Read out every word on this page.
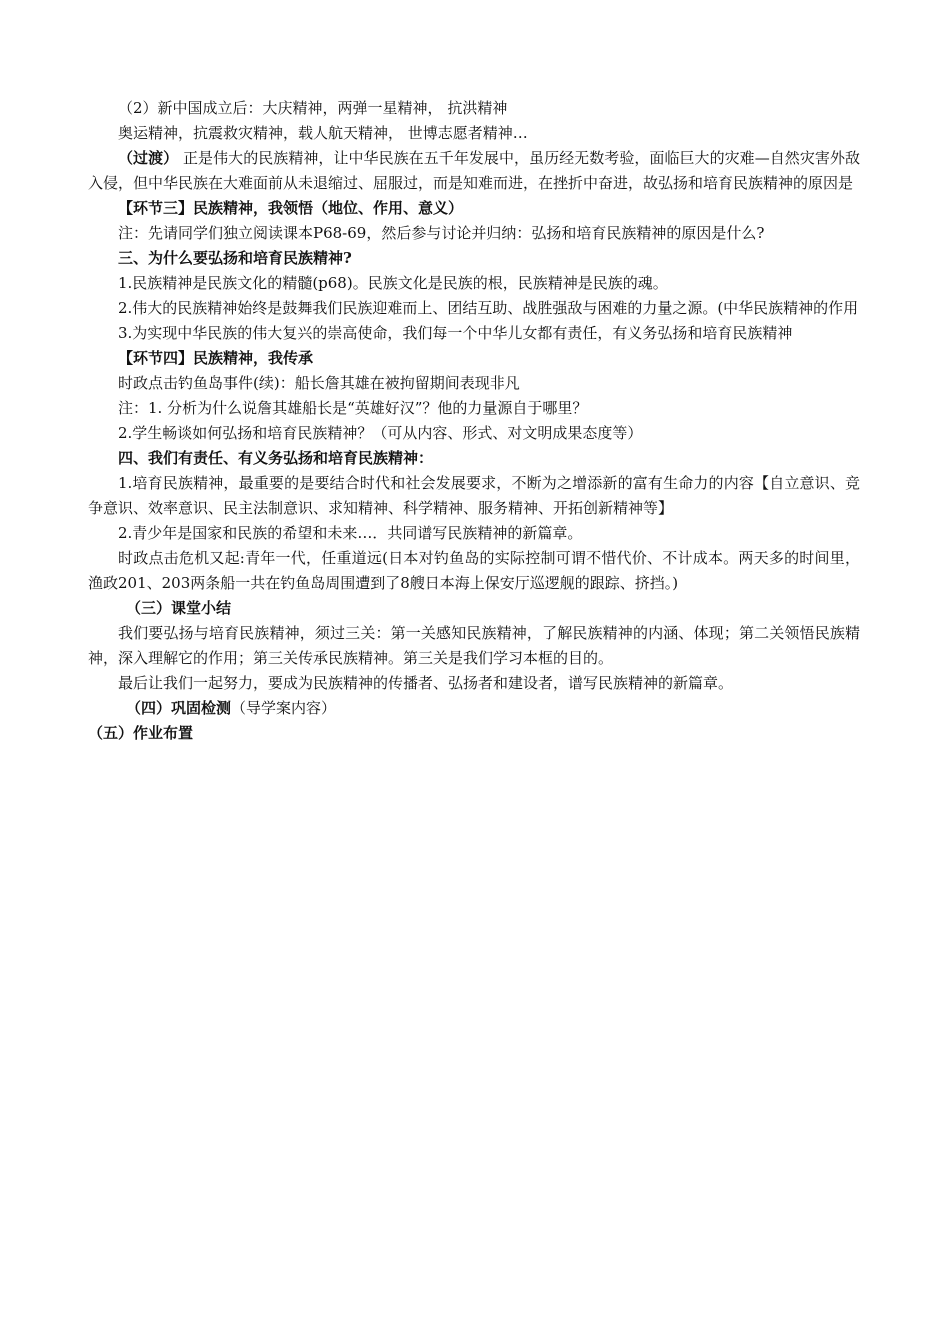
（2）新中国成立后：大庆精神，两弹一星精神， 抗洪精神

奥运精神，抗震救灾精神，载人航天精神， 世博志愿者精神…

（过渡） 正是伟大的民族精神，让中华民族在五千年发展中，虽历经无数考验，面临巨大的灾难—自然灾害外敌入侵，但中华民族在大难面前从未退缩过、屈服过，而是知难而进，在挫折中奋进，故弘扬和培育民族精神的原因是

【环节三】民族精神，我领悟（地位、作用、意义）

注：先请同学们独立阅读课本P68-69，然后参与讨论并归纳：弘扬和培育民族精神的原因是什么?

三、为什么要弘扬和培育民族精神?

1.民族精神是民族文化的精髓(p68)。民族文化是民族的根，民族精神是民族的魂。

2.伟大的民族精神始终是鼓舞我们民族迎难而上、团结互助、战胜强敌与困难的力量之源。(中华民族精神的作用

3.为实现中华民族的伟大复兴的崇高使命，我们每一个中华儿女都有责任，有义务弘扬和培育民族精神

【环节四】民族精神，我传承

时政点击钓鱼岛事件(续)：船长詹其雄在被拘留期间表现非凡

注：1. 分析为什么说詹其雄船长是“英雄好汉”？他的力量源自于哪里？

2.学生畅谈如何弘扬和培育民族精神？（可从内容、形式、对文明成果态度等）

四、我们有责任、有义务弘扬和培育民族精神：

1.培育民族精神，最重要的是要结合时代和社会发展要求，不断为之增添新的富有生命力的内容【自立意识、竞争意识、效率意识、民主法制意识、求知精神、科学精神、服务精神、开拓创新精神等】

2.青少年是国家和民族的希望和未来…．共同谱写民族精神的新篇章。

时政点击危机又起:青年一代，任重道远(日本对钓鱼岛的实际控制可谓不惜代价、不计成本。两天多的时间里，渔政201、203两条船一共在钓鱼岛周围遭到了8艘日本海上保安厅巡逻舰的跟踪、挤挡。)

（三）课堂小结

我们要弘扬与培育民族精神，须过三关：第一关感知民族精神，了解民族精神的内涵、体现；第二关领悟民族精神，深入理解它的作用；第三关传承民族精神。第三关是我们学习本框的目的。

最后让我们一起努力，要成为民族精神的传播者、弘扬者和建设者，谱写民族精神的新篇章。

（四）巩固检测（导学案内容）

（五）作业布置
